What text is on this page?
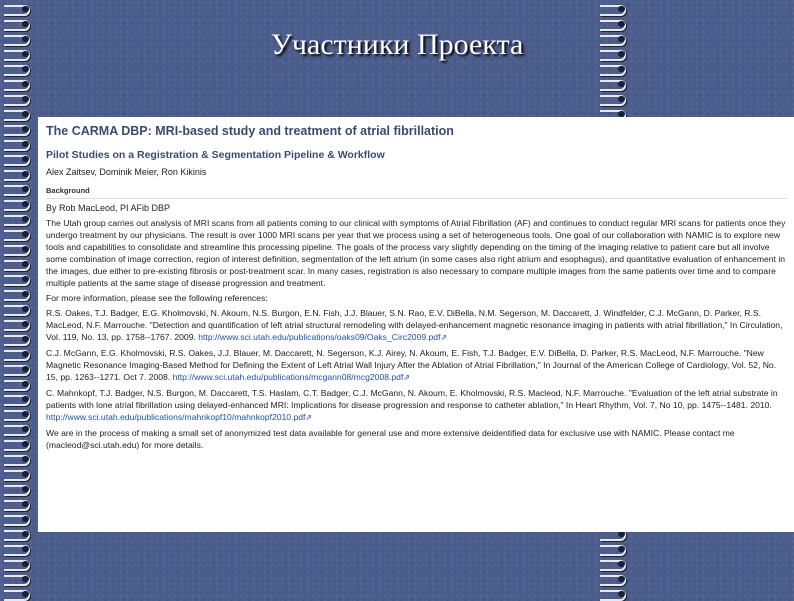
Участники Проекта
The CARMA DBP: MRI-based study and treatment of atrial fibrillation
Pilot Studies on a Registration & Segmentation Pipeline & Workflow
Alex Zaitsev, Dominik Meier, Ron Kikinis
Background
By Rob MacLeod, PI AFib DBP
The Utah group carries out analysis of MRI scans from all patients coming to our clinical with symptoms of Atrial Fibrillation (AF) and continues to conduct regular MRI scans for patients once they undergo treatment by our physicians. The result is over 1000 MRI scans per year that we process using a set of heterogeneous tools. One goal of our collaboration with NAMIC is to explore new tools and capabilities to consolidate and streamline this processing pipeline. The goals of the process vary slightly depending on the timing of the imaging relative to patient care but all involve some combination of image correction, region of interest definition, segmentation of the left atrium (in some cases also right atrium and esophagus), and quantitative evaluation of enhancement in the images, due either to pre-existing fibrosis or post-treatment scar. In many cases, registration is also necessary to compare multiple images from the same patients over time and to compare multiple patients at the same stage of disease progression and treatment.
For more information, please see the following references:
R.S. Oakes, T.J. Badger, E.G. Kholmovski, N. Akoum, N.S. Burgon, E.N. Fish, J.J. Blauer, S.N. Rao, E.V. DiBella, N.M. Segerson, M. Daccarett, J. Windfelder, C.J. McGann, D. Parker, R.S. MacLeod, N.F. Marrouche. "Detection and quantification of left atrial structural remodeling with delayed-enhancement magnetic resonance imaging in patients with atrial fibrillation," In Circulation, Vol. 119, No. 13, pp. 1758--1767. 2009. http://www.sci.utah.edu/publications/oaks09/Oaks_Circ2009.pdf⇗
C.J. McGann, E.G. Kholmovski, R.S. Oakes, J.J. Blauer, M. Daccarett, N. Segerson, K.J. Airey, N. Akoum, E. Fish, T.J. Badger, E.V. DiBella, D. Parker, R.S. MacLeod, N.F. Marrouche. "New Magnetic Resonance Imaging-Based Method for Defining the Extent of Left Atrial Wall Injury After the Ablation of Atrial Fibrillation," In Journal of the American College of Cardiology, Vol. 52, No. 15, pp. 1263--1271. Oct 7. 2008. http://www.sci.utah.edu/publications/mcgann08/mcg2008.pdf⇗
C. Mahnkopf, T.J. Badger, N.S. Burgon, M. Daccarett, T.S. Haslam, C.T. Badger, C.J. McGann, N. Akoum, E. Kholmovski, R.S. Macleod, N.F. Marrouche. "Evaluation of the left atrial substrate in patients with lone atrial fibrillation using delayed-enhanced MRI: Implications for disease progression and response to catheter ablation," In Heart Rhythm, Vol. 7, No 10, pp. 1475--1481. 2010. http://www.sci.utah.edu/publications/mahnkopf10/mahnkopf2010.pdf⇗
We are in the process of making a small set of anonymized test data available for general use and more extensive deidentified data for exclusive use with NAMIC. Please contact me (macleod@sci.utah.edu) for more details.
